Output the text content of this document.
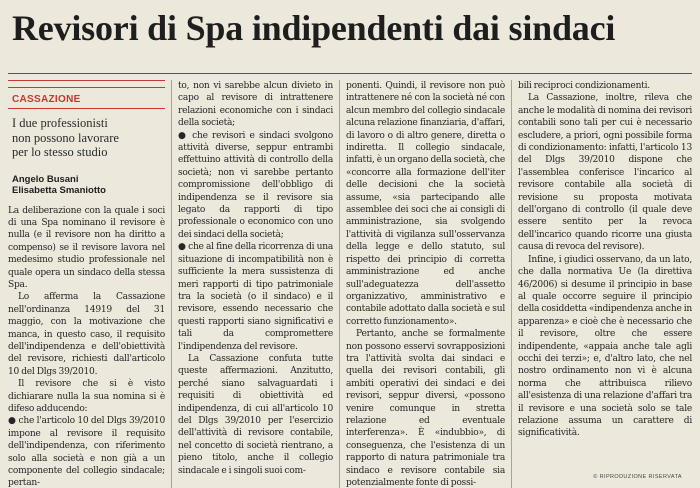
Revisori di Spa indipendenti dai sindaci
CASSAZIONE
I due professionisti
non possono lavorare
per lo stesso studio
Angelo Busani
Elisabetta Smaniotto

La deliberazione con la quale i soci di una Spa nominano il revisore è nulla (e il revisore non ha diritto a compenso) se il revisore lavora nel medesimo studio professionale nel quale opera un sindaco della stessa Spa.

Lo afferma la Cassazione nell'ordinanza 14919 del 31 maggio, con la motivazione che manca, in questo caso, il requisito dell'indipendenza e dell'obiettività del revisore, richiesti dall'articolo 10 del Dlgs 39/2010.

Il revisore che si è visto dichiarare nulla la sua nomina si è difeso adducendo:

● che l'articolo 10 del Dlgs 39/2010 impone al revisore il requisito dell'indipendenza, con riferimento solo alla società e non già a un componente del collegio sindacale; pertan-

to, non vi sarebbe alcun divieto in capo al revisore di intrattenere relazioni economiche con i sindaci della società;

● che revisori e sindaci svolgono attività diverse, seppur entrambi effettuino attività di controllo della società; non vi sarebbe pertanto compromissione dell'obbligo di indipendenza se il revisore sia legato da rapporti di tipo professionale o economico con uno dei sindaci della società;

● che al fine della ricorrenza di una situazione di incompatibilità non è sufficiente la mera sussistenza di meri rapporti di tipo patrimoniale tra la società (o il sindaco) e il revisore, essendo necessario che questi rapporti siano significativi e tali da compromettere l'indipendenza del revisore.

La Cassazione confuta tutte queste affermazioni. Anzitutto, perché siano salvaguardati i requisiti di obiettività ed indipendenza, di cui all'articolo 10 del Dlgs 39/2010 per l'esercizio dell'attività di revisore contabile, nel concetto di società rientrano, a pieno titolo, anche il collegio sindacale e i singoli suoi com-

ponenti. Quindi, il revisore non può intrattenere né con la società né con alcun membro del collegio sindacale alcuna relazione finanziaria, d'affari, di lavoro o di altro genere, diretta o indiretta. Il collegio sindacale, infatti, è un organo della società, che «concorre alla formazione dell'iter delle decisioni che la società assume, «sia partecipando alle assemblee dei soci che ai consigli di amministrazione, sia svolgendo l'attività di vigilanza sull'osservanza della legge e dello statuto, sul rispetto dei principio di corretta amministrazione ed anche sull'adeguatezza dell'assetto organizzativo, amministrativo e contabile adottato dalla società e sul corretto funzionamento».

Pertanto, anche se formalmente non possono esservi sovrapposizioni tra l'attività svolta dai sindaci e quella dei revisori contabili, gli ambiti operativi dei sindaci e dei revisori, seppur diversi, «possono venire comunque in stretta relazione ed eventuale interferenza». È «indubbio», di conseguenza, che l'esistenza di un rapporto di natura patrimoniale tra sindaco e revisore contabile sia potenzialmente fonte di possi-

bili reciproci condizionamenti.

La Cassazione, inoltre, rileva che anche le modalità di nomina dei revisori contabili sono tali per cui è necessario escludere, a priori, ogni possibile forma di condizionamento: infatti, l'articolo 13 del Dlgs 39/2010 dispone che l'assemblea conferisce l'incarico al revisore contabile alla società di revisione su proposta motivata dell'organo di controllo (il quale deve essere sentito per la revoca dell'incarico quando ricorre una giusta causa di revoca del revisore).

Infine, i giudici osservano, da un lato, che dalla normativa Ue (la direttiva 46/2006) si desume il principio in base al quale occorre seguire il principio della cosiddetta «indipendenza anche in apparenza» e cioè che è necessario che il revisore, oltre che essere indipendente, «appaia anche tale agli occhi dei terzi»; e, d'altro lato, che nel nostro ordinamento non vi è alcuna norma che attribuisca rilievo all'esistenza di una relazione d'affari tra il revisore e una società solo se tale relazione assuma un carattere di significatività.

© RIPRODUZIONE RISERVATA
